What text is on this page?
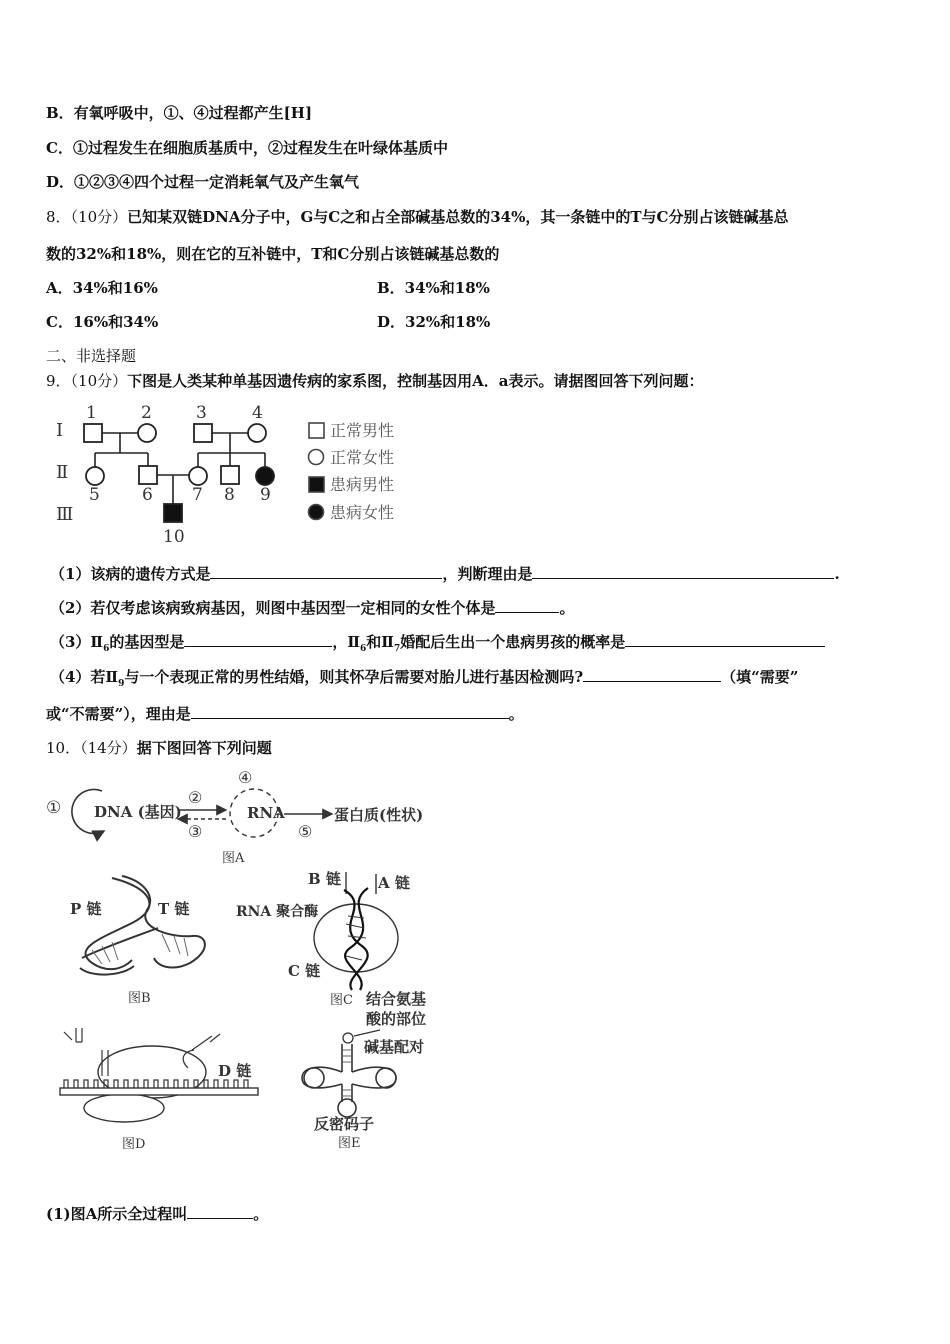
B．有氧呼吸中，①、④过程都产生[H]
C．①过程发生在细胞质基质中，②过程发生在叶绿体基质中
D．①②③④四个过程一定消耗氧气及产生氧气
8．（10分）已知某双链DNA分子中，G与C之和占全部碱基总数的34%，其一条链中的T与C分别占该链碱基总
数的32%和18%，则在它的互补链中，T和C分别占该链碱基总数的
A．34%和16%	B．34%和18%
C．16%和34%	D．32%和18%
二、非选择题
9．（10分）下图是人类某种单基因遗传病的家系图，控制基因用A．a表示。请据图回答下列问题：
Ⅰ
Ⅱ
Ⅲ
1	2	3	4
5 6 7 8 9
10
正常男性
正常女性
患病男性
患病女性
（1）该病的遗传方式是	，判断理由是	.
（2）若仅考虑该病致病基因，则图中基因型一定相同的女性个体是	。
$(3)Ⅱ_6$的基因型是	，$Ⅱ_6$和$Ⅱ_7$婚配后生出一个患病男孩的概率是
（4）若$Ⅱ_9$与一个表现正常的男性结婚，则其怀孕后需要对胎儿进行基因检测吗?	（填“需要”
或“不需要”），理由是	。
10．（14分）据下图回答下列问题
① DNA (基因)
②
③
④
RNA
⑤
蛋白质(性状)
图A
P 链	T 链
图B
B 链 A 链
RNA 聚合酶
C 链
图C
D 链
图D
结合氨基
酸的部位
碱基配对
反密码子
图E
(1)图A所示全过程叫	。
